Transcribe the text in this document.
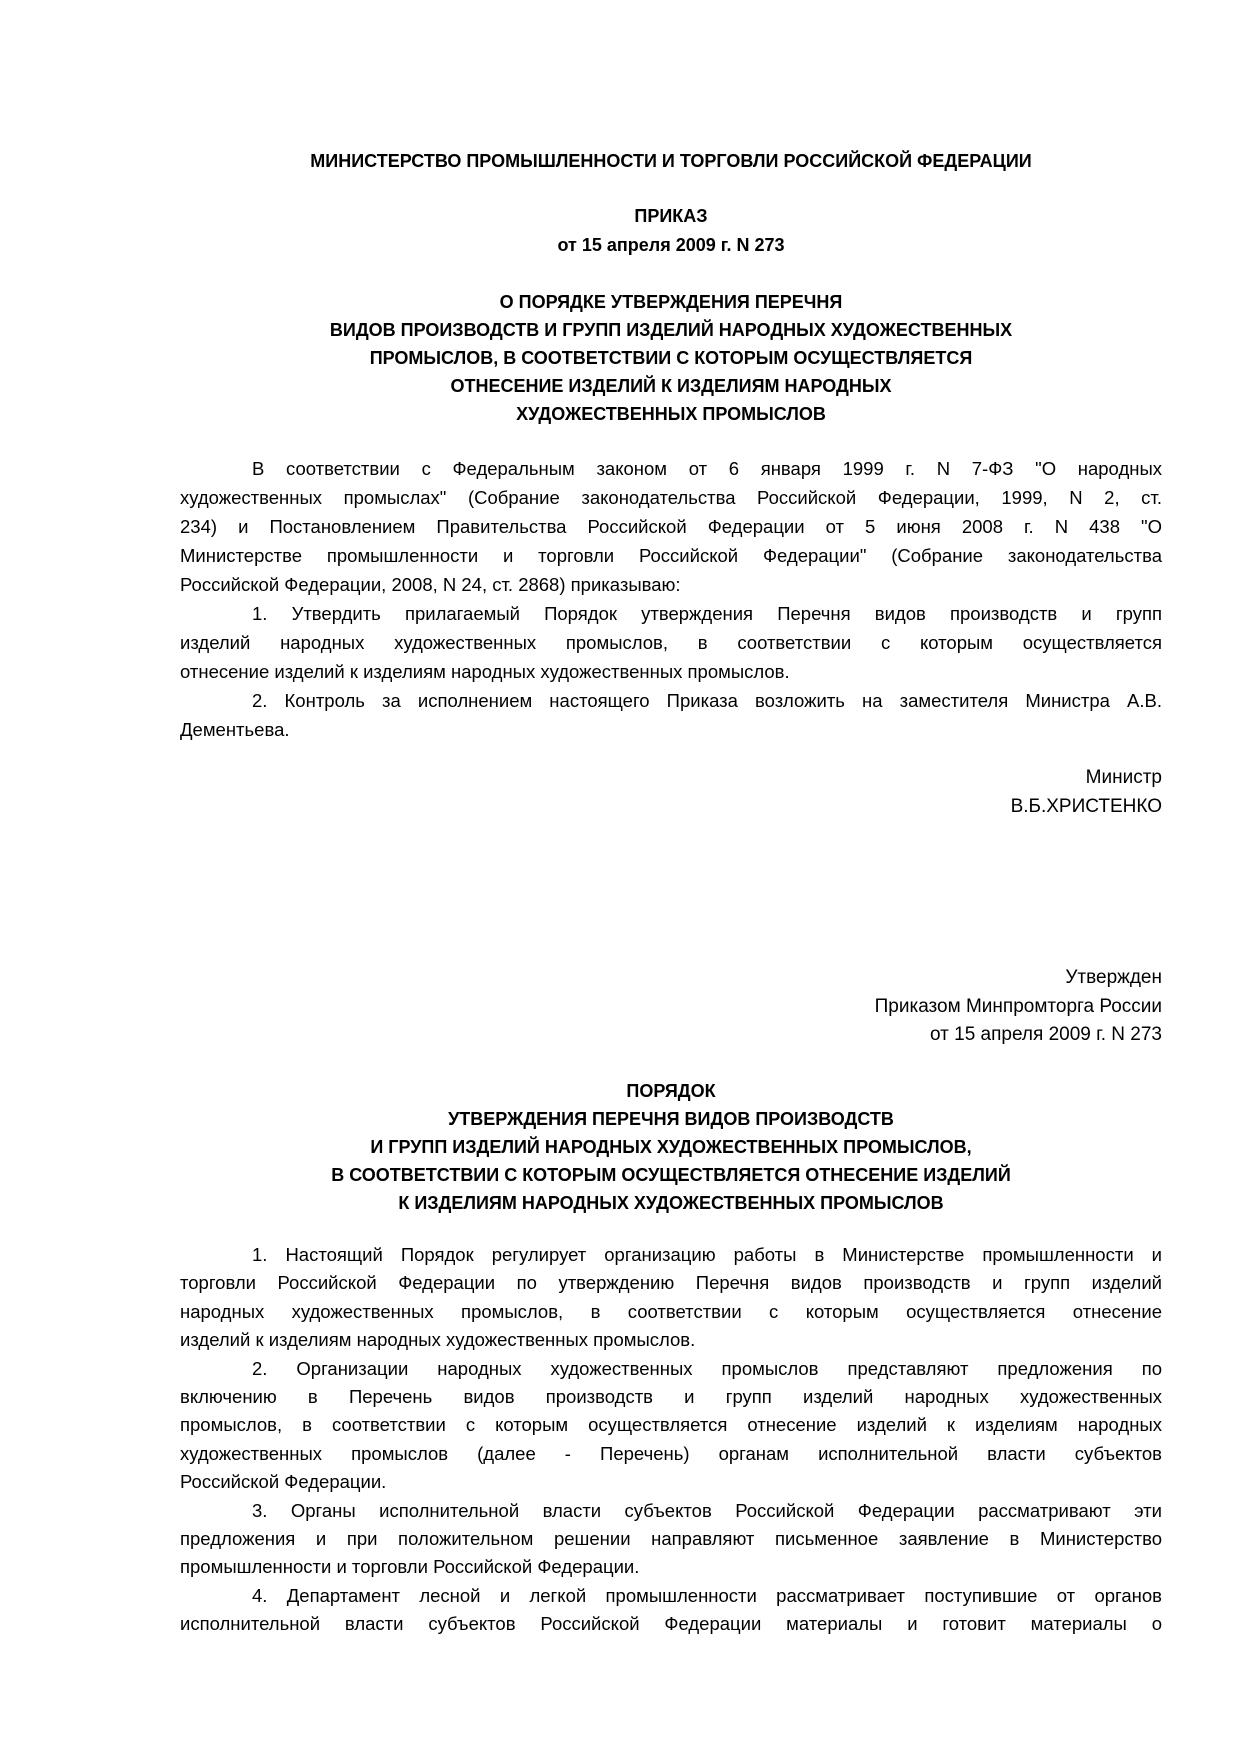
МИНИСТЕРСТВО ПРОМЫШЛЕННОСТИ И ТОРГОВЛИ РОССИЙСКОЙ ФЕДЕРАЦИИ
ПРИКАЗ
от 15 апреля 2009 г. N 273
О ПОРЯДКЕ УТВЕРЖДЕНИЯ ПЕРЕЧНЯ
ВИДОВ ПРОИЗВОДСТВ И ГРУПП ИЗДЕЛИЙ НАРОДНЫХ ХУДОЖЕСТВЕННЫХ
ПРОМЫСЛОВ, В СООТВЕТСТВИИ С КОТОРЫМ ОСУЩЕСТВЛЯЕТСЯ
ОТНЕСЕНИЕ ИЗДЕЛИЙ К ИЗДЕЛИЯМ НАРОДНЫХ
ХУДОЖЕСТВЕННЫХ ПРОМЫСЛОВ
В соответствии с Федеральным законом от 6 января 1999 г. N 7-ФЗ "О народных
художественных промыслах" (Собрание законодательства Российской Федерации, 1999, N 2, ст.
234) и Постановлением Правительства Российской Федерации от 5 июня 2008 г. N 438 "О
Министерстве промышленности и торговли Российской Федерации" (Собрание законодательства
Российской Федерации, 2008, N 24, ст. 2868) приказываю:
1. Утвердить прилагаемый Порядок утверждения Перечня видов производств и групп
изделий народных художественных промыслов, в соответствии с которым осуществляется
отнесение изделий к изделиям народных художественных промыслов.
2. Контроль за исполнением настоящего Приказа возложить на заместителя Министра А.В.
Дементьева.
Министр
В.Б.ХРИСТЕНКО
Утвержден
Приказом Минпромторга России
от 15 апреля 2009 г. N 273
ПОРЯДОК
УТВЕРЖДЕНИЯ ПЕРЕЧНЯ ВИДОВ ПРОИЗВОДСТВ
И ГРУПП ИЗДЕЛИЙ НАРОДНЫХ ХУДОЖЕСТВЕННЫХ ПРОМЫСЛОВ,
В СООТВЕТСТВИИ С КОТОРЫМ ОСУЩЕСТВЛЯЕТСЯ ОТНЕСЕНИЕ ИЗДЕЛИЙ
К ИЗДЕЛИЯМ НАРОДНЫХ ХУДОЖЕСТВЕННЫХ ПРОМЫСЛОВ
1. Настоящий Порядок регулирует организацию работы в Министерстве промышленности и
торговли Российской Федерации по утверждению Перечня видов производств и групп изделий
народных художественных промыслов, в соответствии с которым осуществляется отнесение
изделий к изделиям народных художественных промыслов.
2. Организации народных художественных промыслов представляют предложения по
включению в Перечень видов производств и групп изделий народных художественных
промыслов, в соответствии с которым осуществляется отнесение изделий к изделиям народных
художественных промыслов (далее - Перечень) органам исполнительной власти субъектов
Российской Федерации.
3. Органы исполнительной власти субъектов Российской Федерации рассматривают эти
предложения и при положительном решении направляют письменное заявление в Министерство
промышленности и торговли Российской Федерации.
4. Департамент лесной и легкой промышленности рассматривает поступившие от органов
исполнительной власти субъектов Российской Федерации материалы и готовит материалы о
